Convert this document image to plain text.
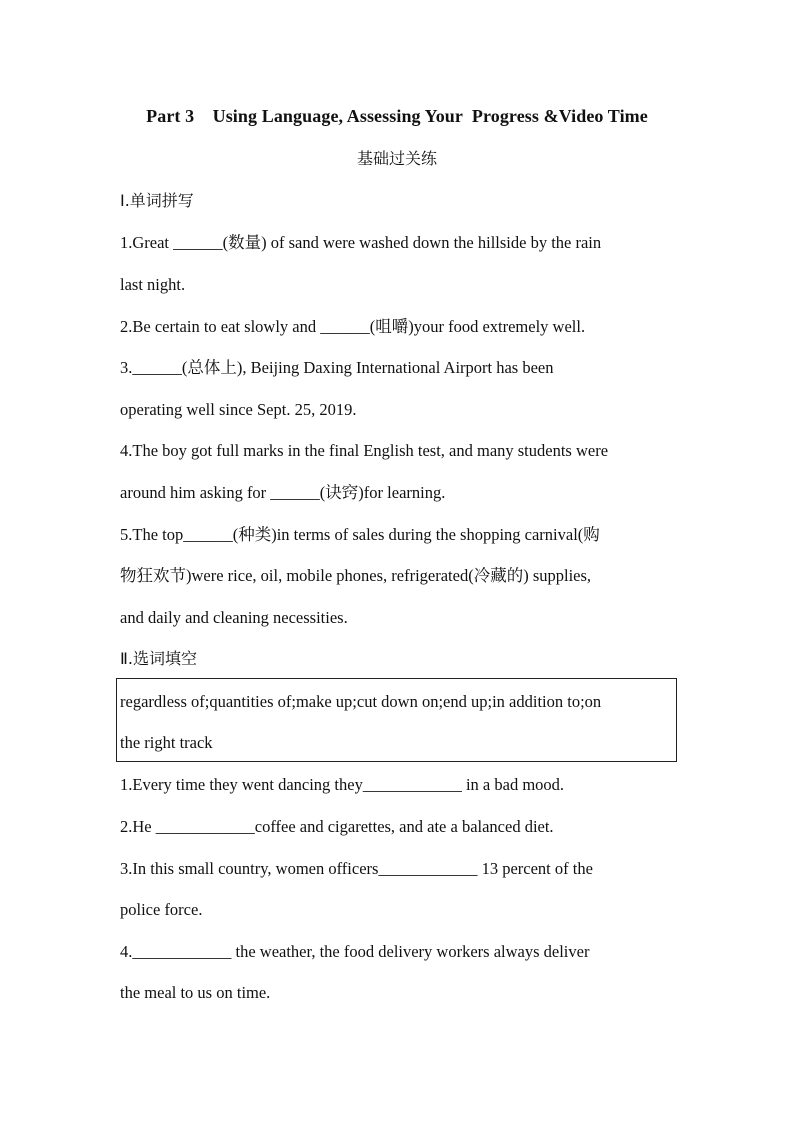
Part 3    Using Language, Assessing Your  Progress &Video Time
基础过关练
Ⅰ.单词拼写
1.Great ______(数量) of sand were washed down the hillside by the rain
last night.
2.Be certain to eat slowly and ______(咀嚼)your food extremely well.
3.______(总体上), Beijing Daxing International Airport has been
operating well since Sept. 25, 2019.
4.The boy got full marks in the final English test, and many students were
around him asking for ______(诀窍)for learning.
5.The top______(种类)in terms of sales during the shopping carnival(购
物狂欢节)were rice, oil, mobile phones, refrigerated(冷藏的) supplies,
and daily and cleaning necessities.
Ⅱ.选词填空
regardless of;quantities of;make up;cut down on;end up;in addition to;on
the right track
1.Every time they went dancing they____________ in a bad mood.
2.He ____________coffee and cigarettes, and ate a balanced diet.
3.In this small country, women officers____________ 13 percent of the
police force.
4.____________ the weather, the food delivery workers always deliver
the meal to us on time.
